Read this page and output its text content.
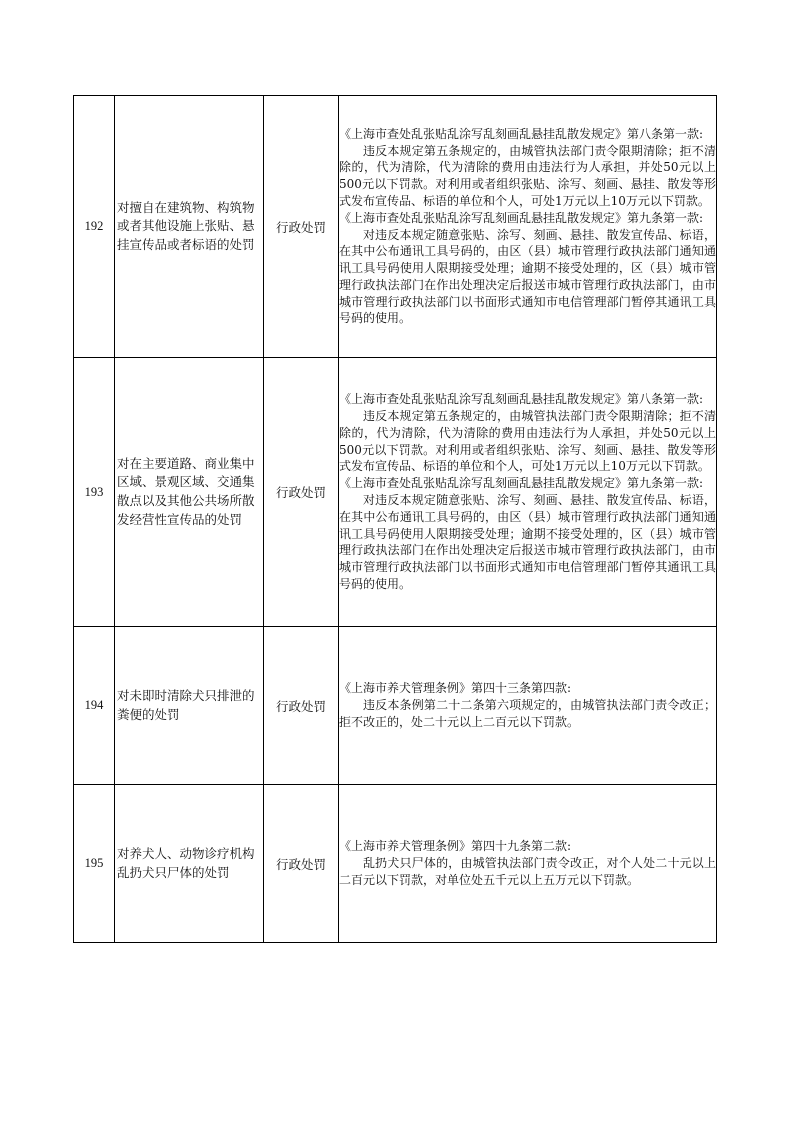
192	对擅自在建筑物、构筑物或者其他设施上张贴、悬挂宣传品或者标语的处罚	行政处罚	《上海市查处乱张贴乱涂写乱刻画乱悬挂乱散发规定》第八条第一款:
违反本规定第五条规定的，由城管执法部门责令限期清除；拒不清除的，代为清除，代为清除的费用由违法行为人承担，并处50元以上500元以下罚款。对利用或者组织张贴、涂写、刻画、悬挂、散发等形式发布宣传品、标语的单位和个人，可处1万元以上10万元以下罚款。
《上海市查处乱张贴乱涂写乱刻画乱悬挂乱散发规定》第九条第一款:
对违反本规定随意张贴、涂写、刻画、悬挂、散发宣传品、标语，在其中公布通讯工具号码的，由区（县）城市管理行政执法部门通知通讯工具号码使用人限期接受处理；逾期不接受处理的，区（县）城市管理行政执法部门在作出处理决定后报送市城市管理行政执法部门，由市城市管理行政执法部门以书面形式通知市电信管理部门暂停其通讯工具号码的使用。

193	对在主要道路、商业集中区域、景观区域、交通集散点以及其他公共场所散发经营性宣传品的处罚	行政处罚	《上海市查处乱张贴乱涂写乱刻画乱悬挂乱散发规定》第八条第一款:
违反本规定第五条规定的，由城管执法部门责令限期清除；拒不清除的，代为清除，代为清除的费用由违法行为人承担，并处50元以上500元以下罚款。对利用或者组织张贴、涂写、刻画、悬挂、散发等形式发布宣传品、标语的单位和个人，可处1万元以上10万元以下罚款。
《上海市查处乱张贴乱涂写乱刻画乱悬挂乱散发规定》第九条第一款:
对违反本规定随意张贴、涂写、刻画、悬挂、散发宣传品、标语，在其中公布通讯工具号码的，由区（县）城市管理行政执法部门通知通讯工具号码使用人限期接受处理；逾期不接受处理的，区（县）城市管理行政执法部门在作出处理决定后报送市城市管理行政执法部门，由市城市管理行政执法部门以书面形式通知市电信管理部门暂停其通讯工具号码的使用。

194	对未即时清除犬只排泄的粪便的处罚	行政处罚	《上海市养犬管理条例》第四十三条第四款:
违反本条例第二十二条第六项规定的，由城管执法部门责令改正；拒不改正的，处二十元以上二百元以下罚款。

195	对养犬人、动物诊疗机构乱扔犬只尸体的处罚	行政处罚	《上海市养犬管理条例》第四十九条第二款:
乱扔犬只尸体的，由城管执法部门责令改正，对个人处二十元以上二百元以下罚款，对单位处五千元以上五万元以下罚款。
